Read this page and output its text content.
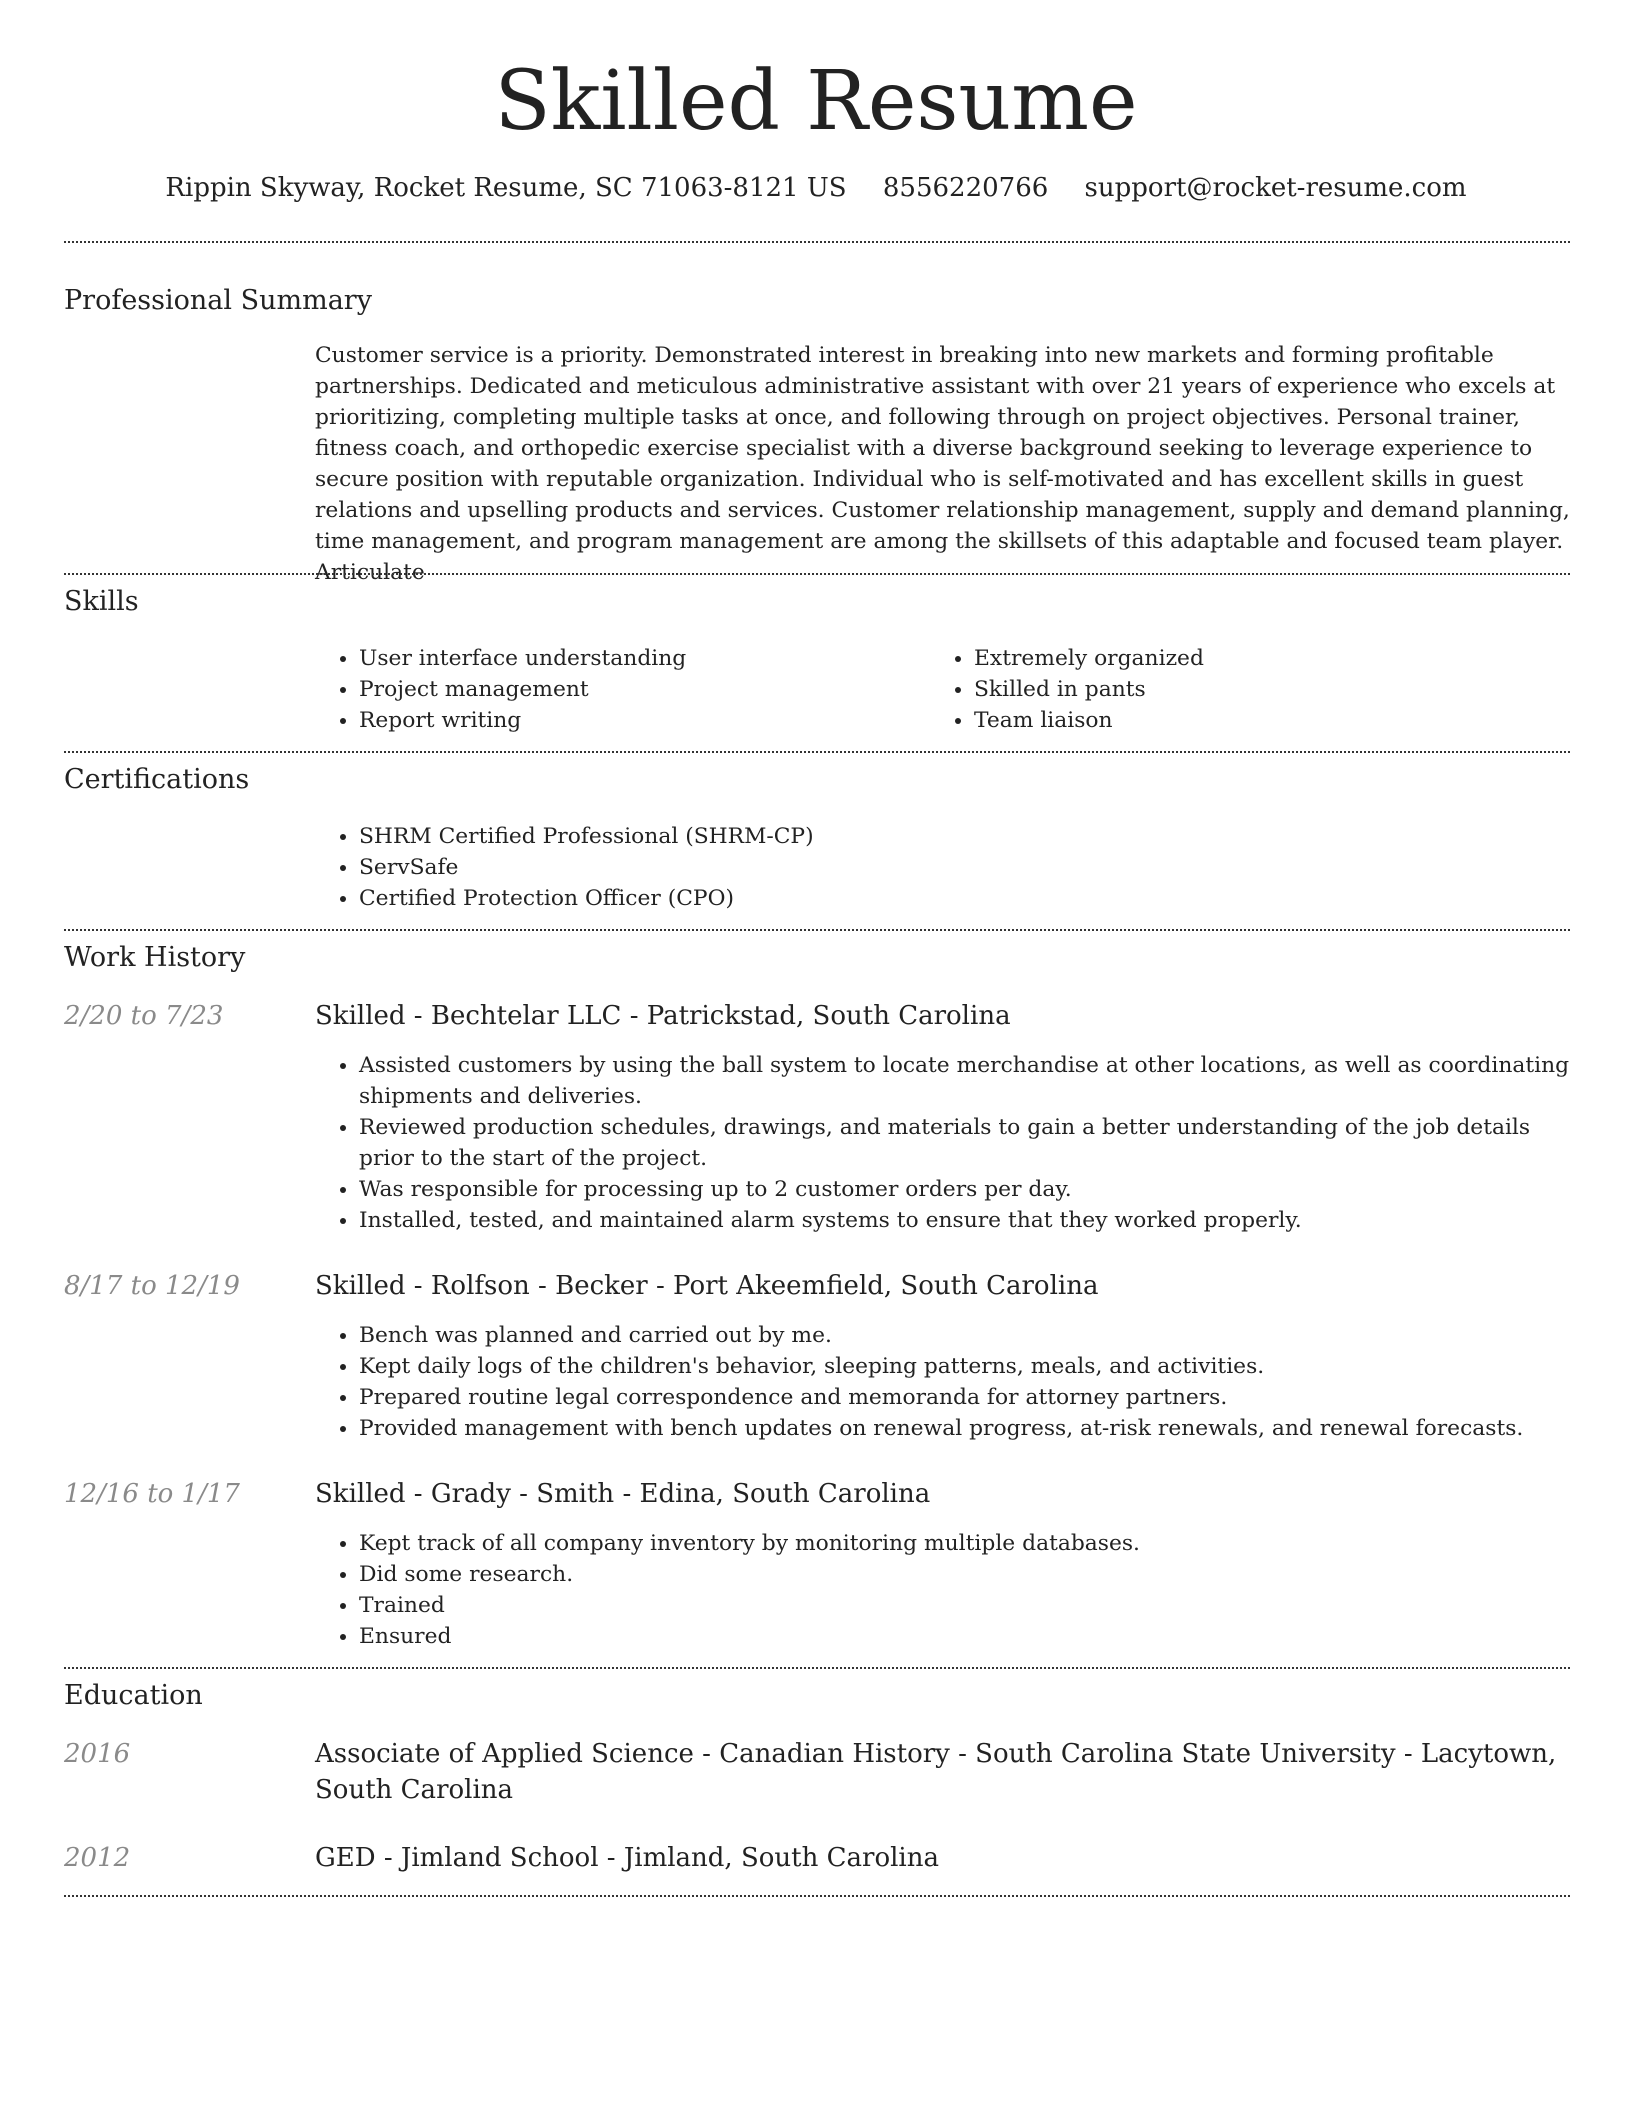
Skilled Resume
Rippin Skyway, Rocket Resume, SC 71063-8121 US 8556220766 support@rocket-resume.com
Professional Summary
Customer service is a priority. Demonstrated interest in breaking into new markets and forming profitable partnerships. Dedicated and meticulous administrative assistant with over 21 years of experience who excels at prioritizing, completing multiple tasks at once, and following through on project objectives. Personal trainer, fitness coach, and orthopedic exercise specialist with a diverse background seeking to leverage experience to secure position with reputable organization. Individual who is self-motivated and has excellent skills in guest relations and upselling products and services. Customer relationship management, supply and demand planning, time management, and program management are among the skillsets of this adaptable and focused team player. Articulate
Skills
• User interface understanding
• Project management
• Report writing
• Extremely organized
• Skilled in pants
• Team liaison
Certifications
• SHRM Certified Professional (SHRM-CP)
• ServSafe
• Certified Protection Officer (CPO)
Work History
2/20 to 7/23	Skilled - Bechtelar LLC - Patrickstad, South Carolina
• Assisted customers by using the ball system to locate merchandise at other locations, as well as coordinating shipments and deliveries.
• Reviewed production schedules, drawings, and materials to gain a better understanding of the job details prior to the start of the project.
• Was responsible for processing up to 2 customer orders per day.
• Installed, tested, and maintained alarm systems to ensure that they worked properly.
8/17 to 12/19	Skilled - Rolfson - Becker - Port Akeemfield, South Carolina
• Bench was planned and carried out by me.
• Kept daily logs of the children's behavior, sleeping patterns, meals, and activities.
• Prepared routine legal correspondence and memoranda for attorney partners.
• Provided management with bench updates on renewal progress, at-risk renewals, and renewal forecasts.
12/16 to 1/17	Skilled - Grady - Smith - Edina, South Carolina
• Kept track of all company inventory by monitoring multiple databases.
• Did some research.
• Trained
• Ensured
Education
2016	Associate of Applied Science - Canadian History - South Carolina State University - Lacytown, South Carolina
2012	GED - Jimland School - Jimland, South Carolina
